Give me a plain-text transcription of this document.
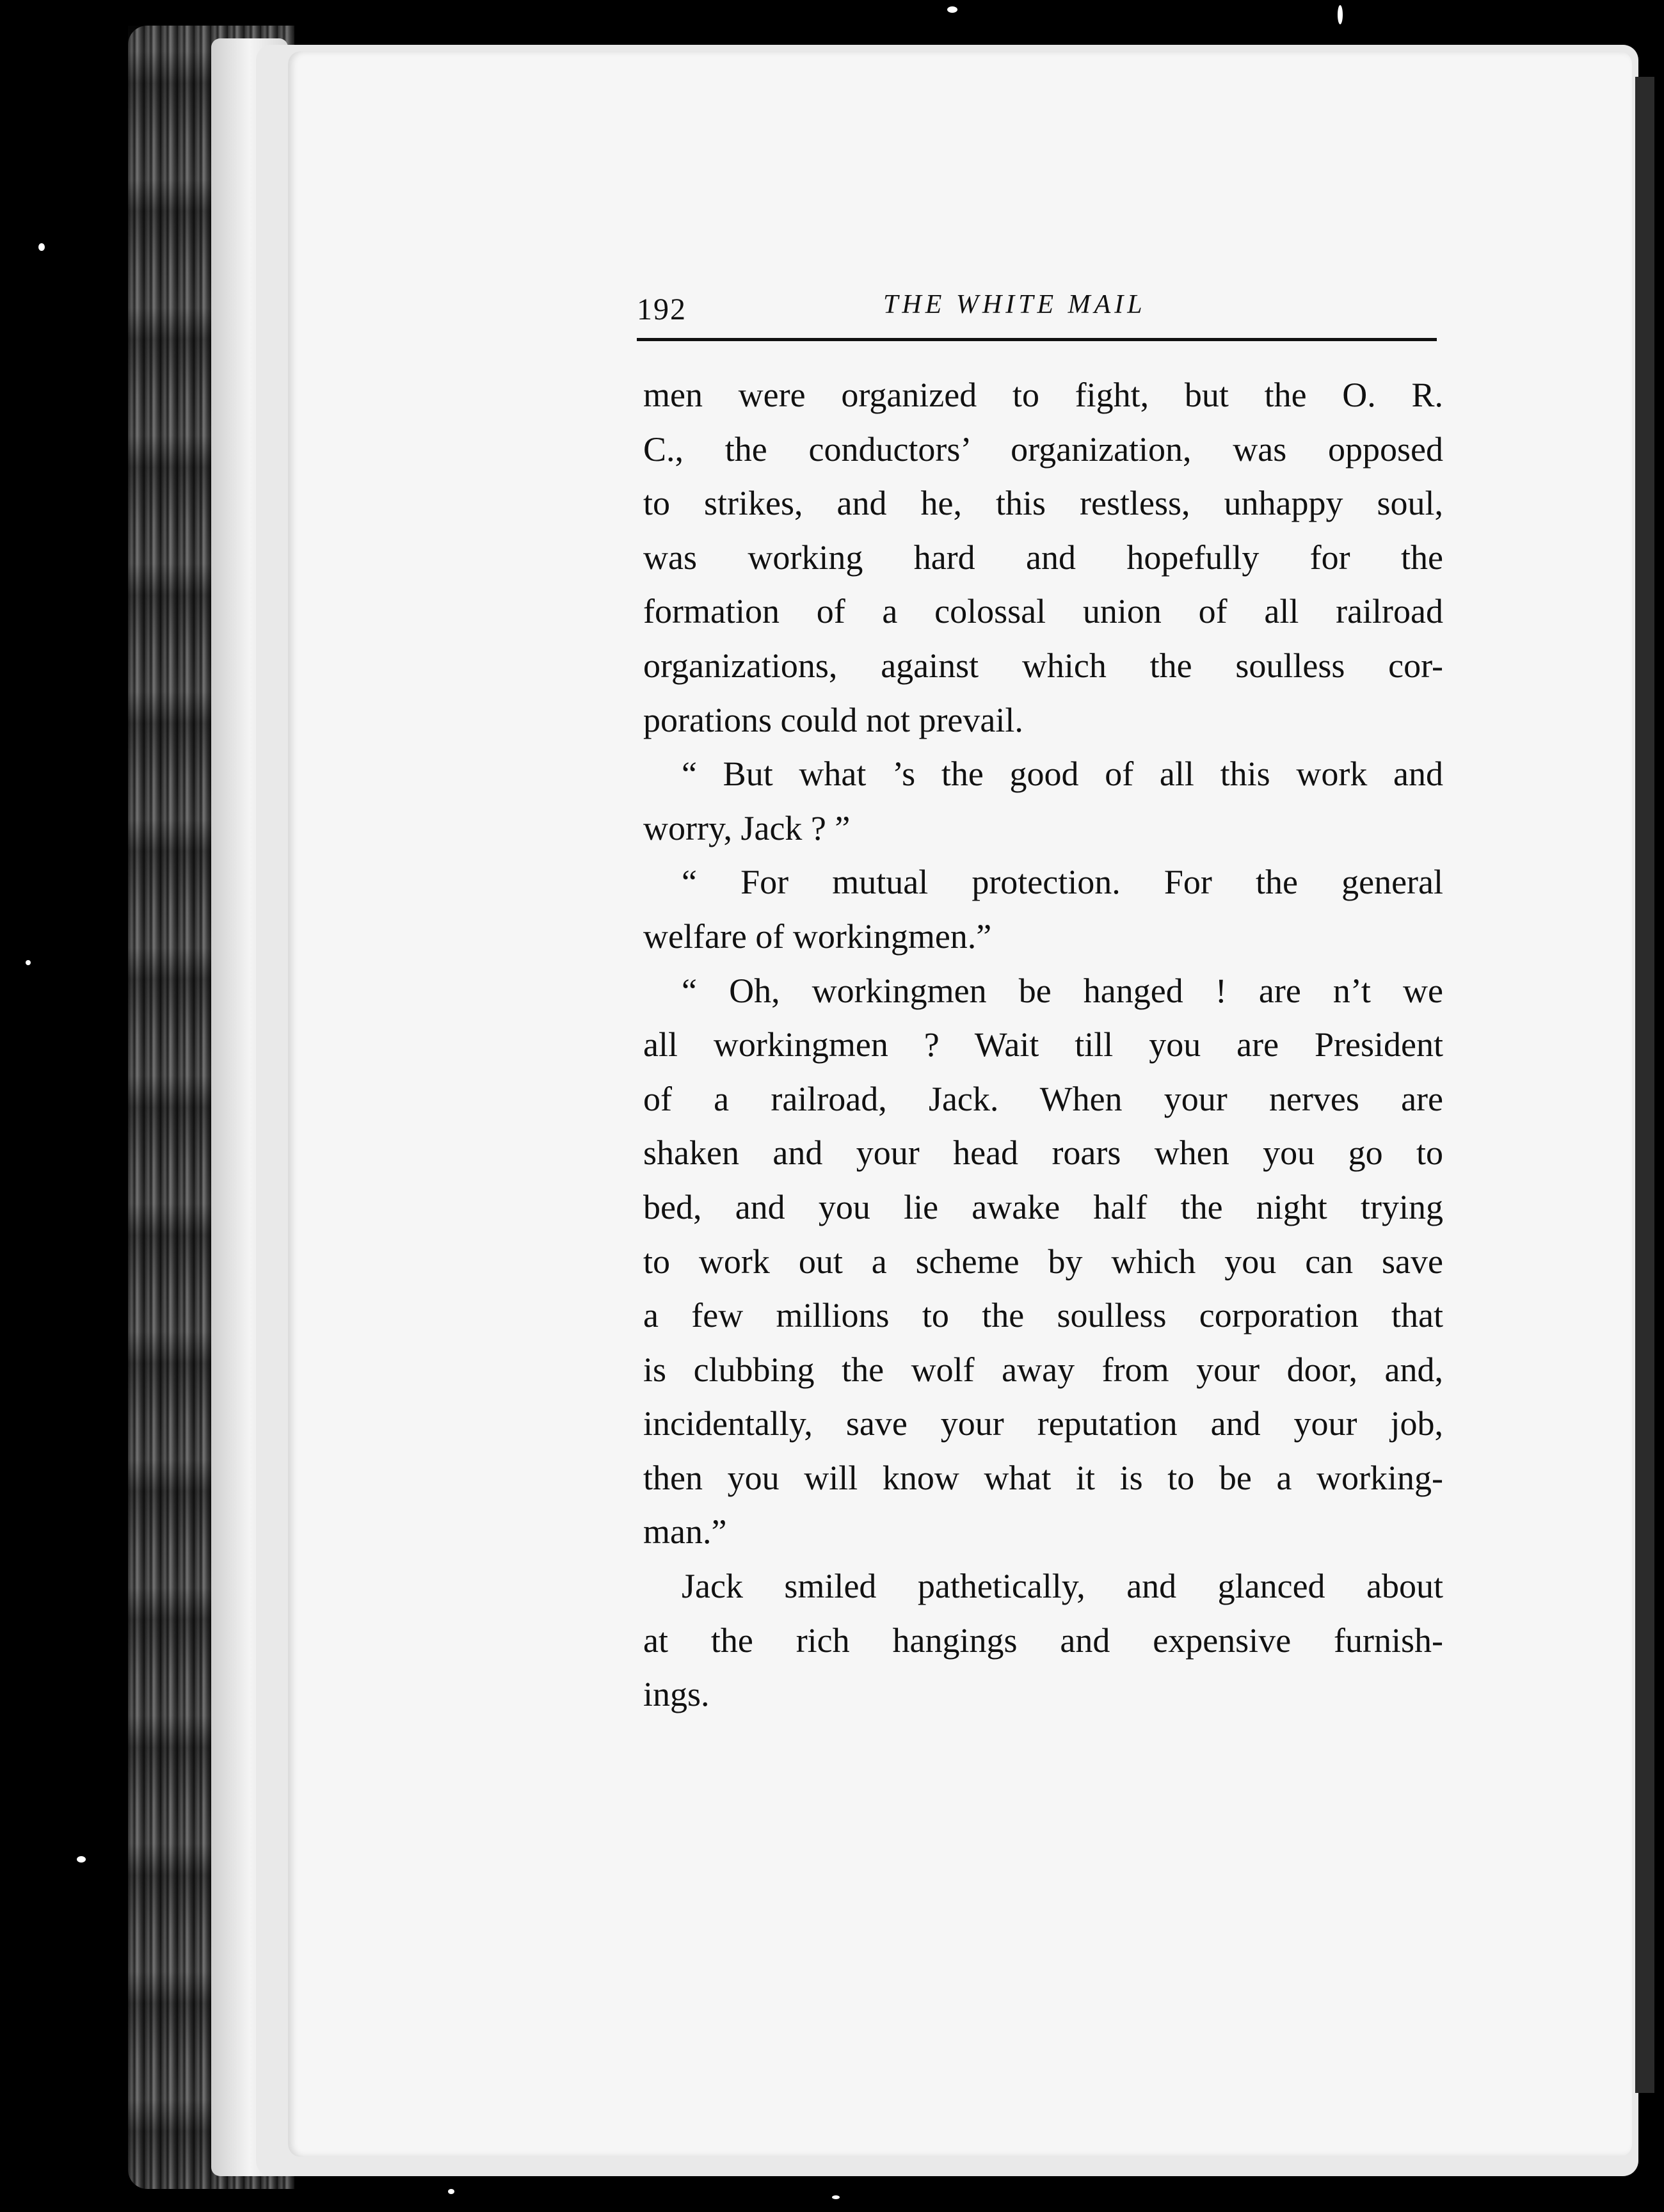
192	THE WHITE MAIL
men were organized to fight, but the O. R.
C., the conductors’ organization, was opposed
to strikes, and he, this restless, unhappy soul,
was working hard and hopefully for the
formation of a colossal union of all railroad
organizations, against which the soulless cor-
porations could not prevail.
“ But what ’s the good of all this work and
worry, Jack ? ”
“ For mutual protection. For the general
welfare of workingmen.”
“ Oh, workingmen be hanged ! are n’t we
all workingmen ? Wait till you are President
of a railroad, Jack. When your nerves are
shaken and your head roars when you go to
bed, and you lie awake half the night trying
to work out a scheme by which you can save
a few millions to the soulless corporation that
is clubbing the wolf away from your door, and,
incidentally, save your reputation and your job,
then you will know what it is to be a working-
man.”
Jack smiled pathetically, and glanced about
at the rich hangings and expensive furnish-
ings.
